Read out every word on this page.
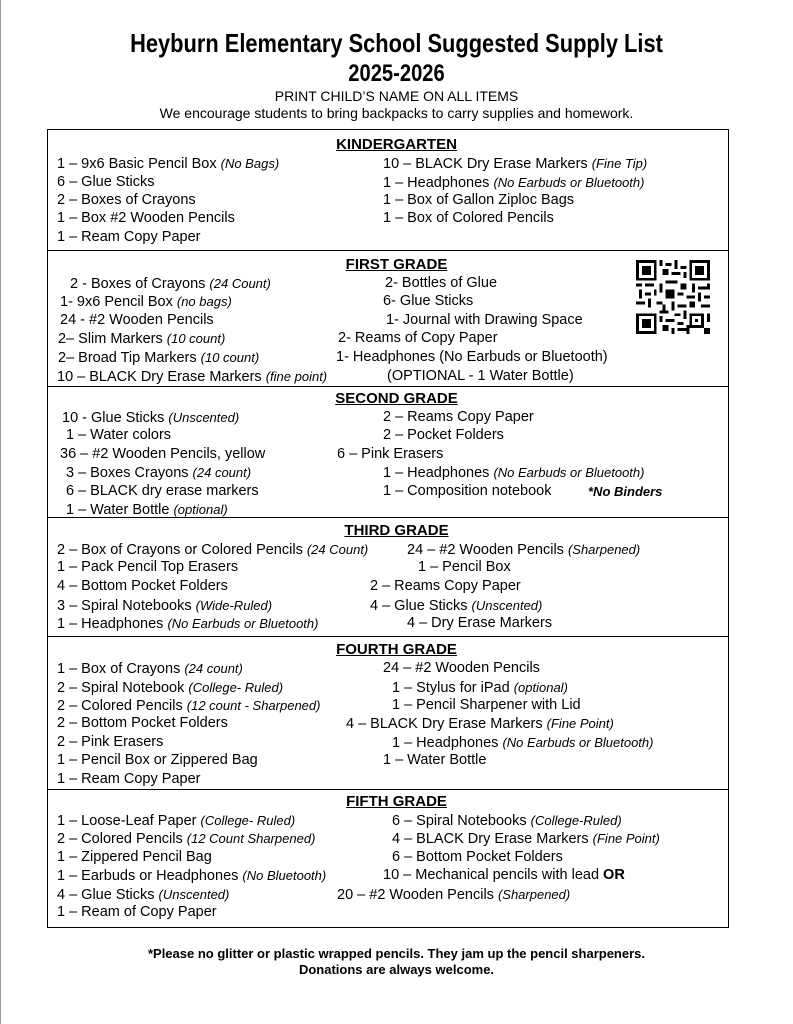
Heyburn Elementary School Suggested Supply List
2025-2026
PRINT CHILD’S NAME ON ALL ITEMS
We encourage students to bring backpacks to carry supplies and homework.
KINDERGARTEN
1 – 9x6 Basic Pencil Box (No Bags)	10 – BLACK Dry Erase Markers (Fine Tip)
6 – Glue Sticks	1 – Headphones (No Earbuds or Bluetooth)
2 – Boxes of Crayons	1 – Box of Gallon Ziploc Bags
1 – Box #2 Wooden Pencils	1 – Box of Colored Pencils
1 – Ream Copy Paper
FIRST GRADE
2 - Boxes of Crayons (24 Count)	2- Bottles of Glue
1- 9x6 Pencil Box (no bags)	6- Glue Sticks
24 - #2 Wooden Pencils	1- Journal with Drawing Space
2– Slim Markers (10 count)	2- Reams of Copy Paper
2– Broad Tip Markers (10 count)	1- Headphones (No Earbuds or Bluetooth)
10 – BLACK Dry Erase Markers (fine point)	(OPTIONAL - 1 Water Bottle)
SECOND GRADE
10 - Glue Sticks (Unscented)	2 – Reams Copy Paper
1 – Water colors	2 – Pocket Folders
36 – #2 Wooden Pencils, yellow	6 – Pink Erasers
3 – Boxes Crayons (24 count)	1 – Headphones (No Earbuds or Bluetooth)
6 – BLACK dry erase markers	1 – Composition notebook	*No Binders
1 – Water Bottle (optional)
THIRD GRADE
2 – Box of Crayons or Colored Pencils (24 Count)	24 – #2 Wooden Pencils (Sharpened)
1 – Pack Pencil Top Erasers	1 – Pencil Box
4 – Bottom Pocket Folders	2 – Reams Copy Paper
3 – Spiral Notebooks (Wide-Ruled)	4 – Glue Sticks (Unscented)
1 – Headphones (No Earbuds or Bluetooth)	4 – Dry Erase Markers
FOURTH GRADE
1 – Box of Crayons (24 count)	24 – #2 Wooden Pencils
2 – Spiral Notebook (College- Ruled)	1 – Stylus for iPad (optional)
2 – Colored Pencils (12 count - Sharpened)	1 – Pencil Sharpener with Lid
2 – Bottom Pocket Folders	4 – BLACK Dry Erase Markers (Fine Point)
2 – Pink Erasers	1 – Headphones (No Earbuds or Bluetooth)
1 – Pencil Box or Zippered Bag	1 – Water Bottle
1 – Ream Copy Paper
FIFTH GRADE
1 – Loose-Leaf Paper (College- Ruled)	6 – Spiral Notebooks (College-Ruled)
2 – Colored Pencils (12 Count Sharpened)	4 – BLACK Dry Erase Markers (Fine Point)
1 – Zippered Pencil Bag	6 – Bottom Pocket Folders
1 – Earbuds or Headphones (No Bluetooth)	10 – Mechanical pencils with lead OR
4 – Glue Sticks (Unscented)	20 – #2 Wooden Pencils (Sharpened)
1 – Ream of Copy Paper
*Please no glitter or plastic wrapped pencils. They jam up the pencil sharpeners.
Donations are always welcome.
